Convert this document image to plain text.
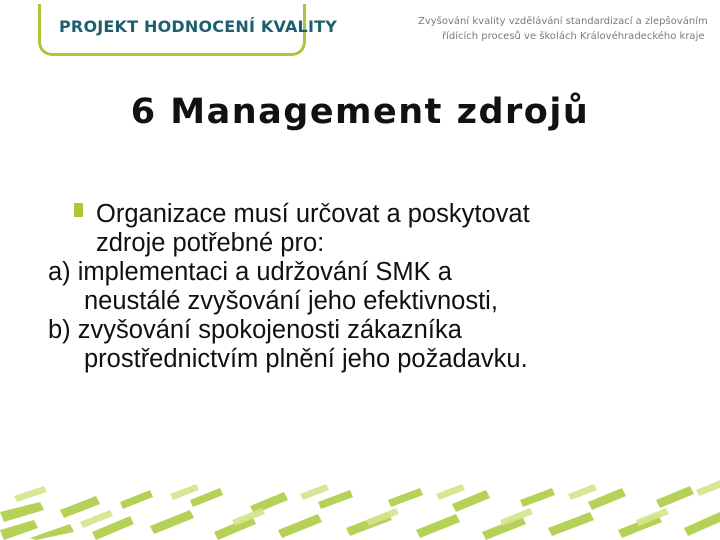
PROJEKT HODNOCENÍ KVALITY	Zvyšování kvality vzdělávání standardizací a zlepšováním
řídících procesů ve školách Královéhradeckého kraje
6 Management zdrojů
Organizace musí určovat a poskytovat
zdroje potřebné pro:
a) implementaci a udržování SMK a
neustálé zvyšování jeho efektivnosti,
b) zvyšování spokojenosti zákazníka
prostřednictvím plnění jeho požadavku.
